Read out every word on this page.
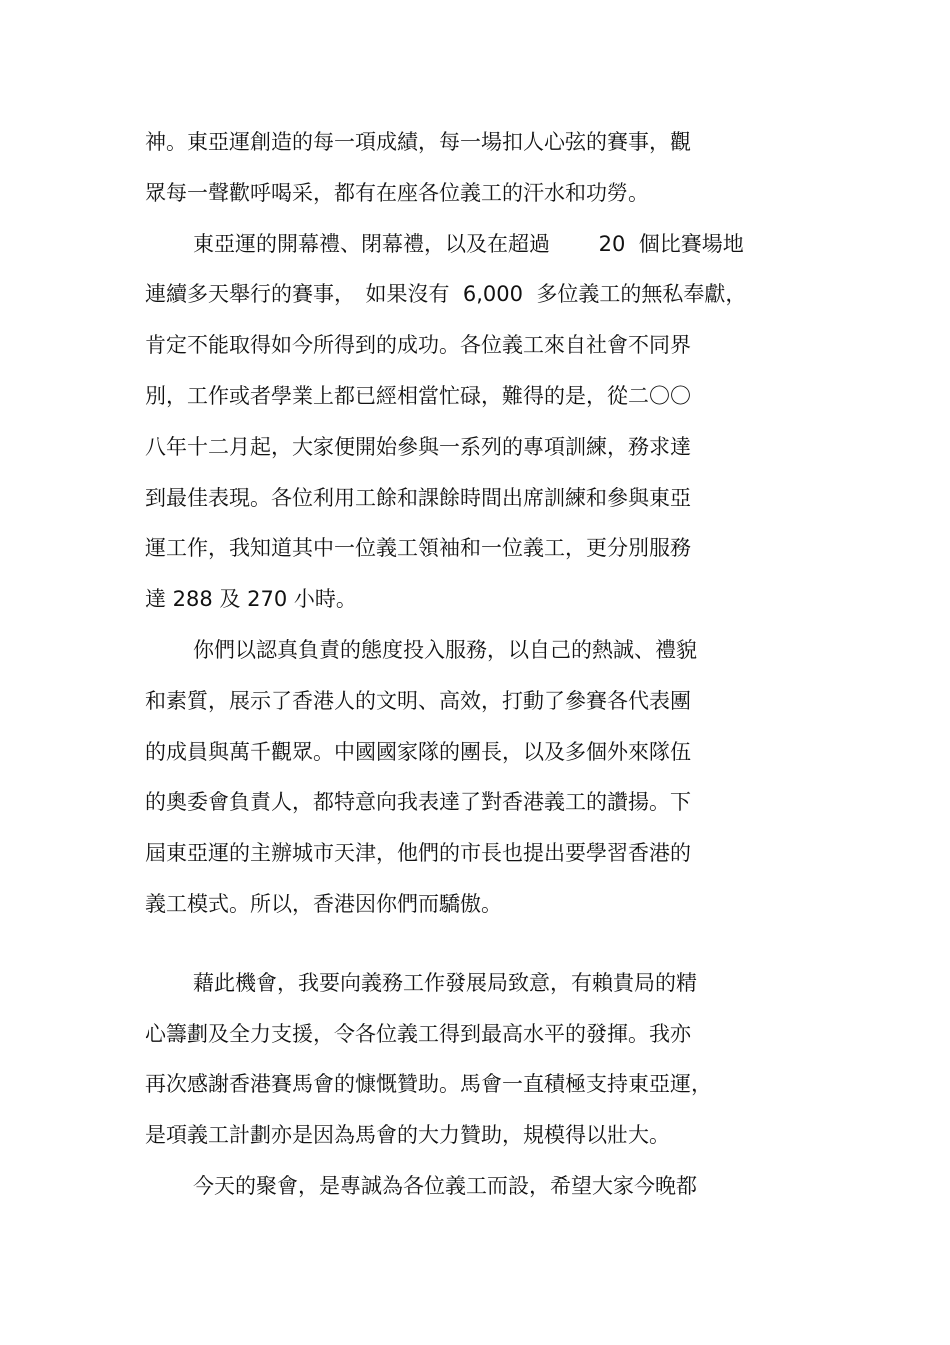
神。東亞運創造的每一項成績，每一場扣人心弦的賽事，觀
眾每一聲歡呼喝采，都有在座各位義工的汗水和功勞。
東亞運的開幕禮、閉幕禮，以及在超過　　 20  個比賽場地
連續多天舉行的賽事，　如果沒有  6,000  多位義工的無私奉獻，
肯定不能取得如今所得到的成功。各位義工來自社會不同界
別，工作或者學業上都已經相當忙碌，難得的是，從二〇〇
八年十二月起，大家便開始參與一系列的專項訓練，務求達
到最佳表現。各位利用工餘和課餘時間出席訓練和參與東亞
運工作，我知道其中一位義工領袖和一位義工，更分別服務
達 288 及 270 小時。
你們以認真負責的態度投入服務，以自己的熱誠、禮貌
和素質，展示了香港人的文明、高效，打動了參賽各代表團
的成員與萬千觀眾。中國國家隊的團長，以及多個外來隊伍
的奧委會負責人，都特意向我表達了對香港義工的讚揚。下
屆東亞運的主辦城市天津，他們的市長也提出要學習香港的
義工模式。所以，香港因你們而驕傲。
藉此機會，我要向義務工作發展局致意，有賴貴局的精
心籌劃及全力支援，令各位義工得到最高水平的發揮。我亦
再次感謝香港賽馬會的慷慨贊助。馬會一直積極支持東亞運，
是項義工計劃亦是因為馬會的大力贊助，規模得以壯大。
今天的聚會，是專誠為各位義工而設，希望大家今晚都
